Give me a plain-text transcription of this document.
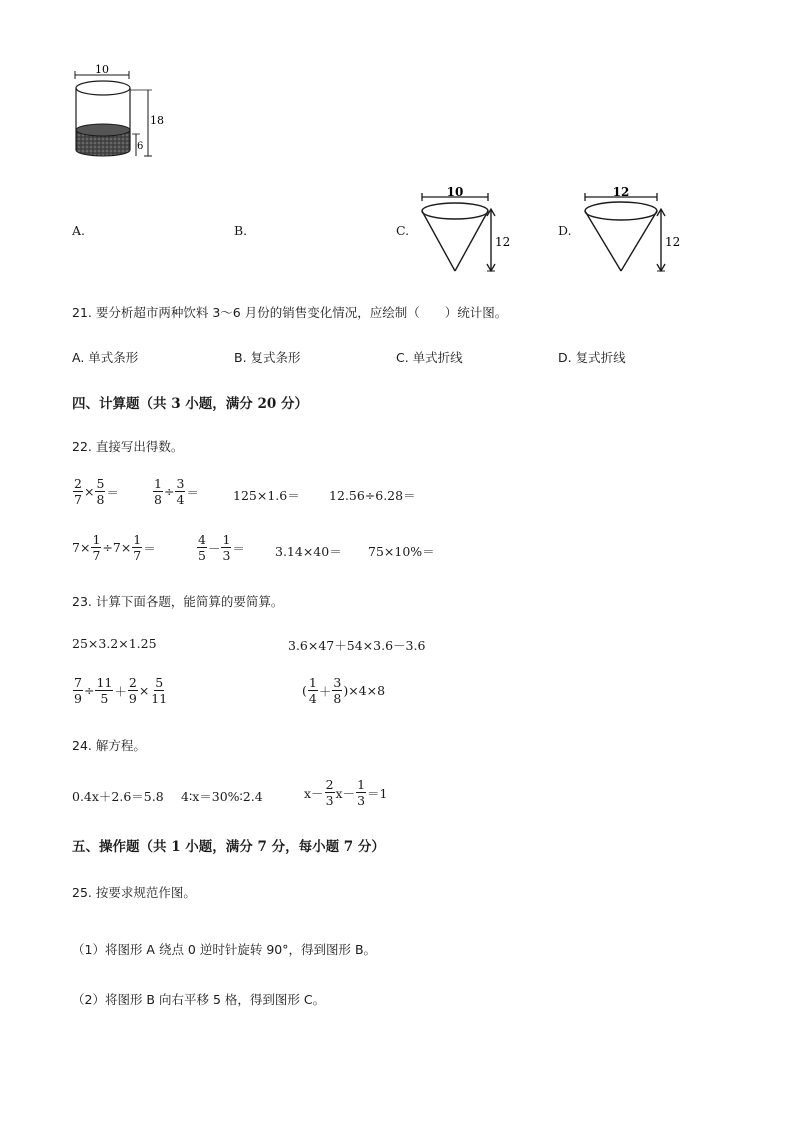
10
18
6
A.	B.	C.	D.
10
12
12
12
21. 要分析超市两种饮料 3～6 月份的销售变化情况，应绘制（　　）统计图。
A. 单式条形	B. 复式条形	C. 单式折线	D. 复式折线
四、计算题（共 3 小题，满分 20 分）
22. 直接写出得数。
$\frac{2}{7} \times \frac{5}{8}$ ＝	$\frac{1}{8} \div \frac{3}{4}$ ＝	125×1.6＝ 12.56÷6.28＝
$7\times \frac{1}{7} \div 7\times \frac{1}{7}$ ＝	$\frac{4}{5} - \frac{1}{3} = 3.14\times 40= 75\times 10\%=$
23. 计算下面各题，能简算的要简算。
25×3.2×1.25	3.6×47＋54×3.6－3.6
$\frac{7}{9} \div \frac{11}{5} + \frac{2}{9} \times \frac{5}{11}$	( $\frac{1}{4} + \frac{3}{8}$ ) ×4×8
24. 解方程。
0.4x＋2.6＝5.8 4∶x＝30%∶2.4	$x- \frac{2}{3} x- \frac{1}{3} =1$
五、操作题（共 1 小题，满分 7 分，每小题 7 分）
25. 按要求规范作图。
（1）将图形 A 绕点 0 逆时针旋转 90°，得到图形 B。
（2）将图形 B 向右平移 5 格，得到图形 C。
